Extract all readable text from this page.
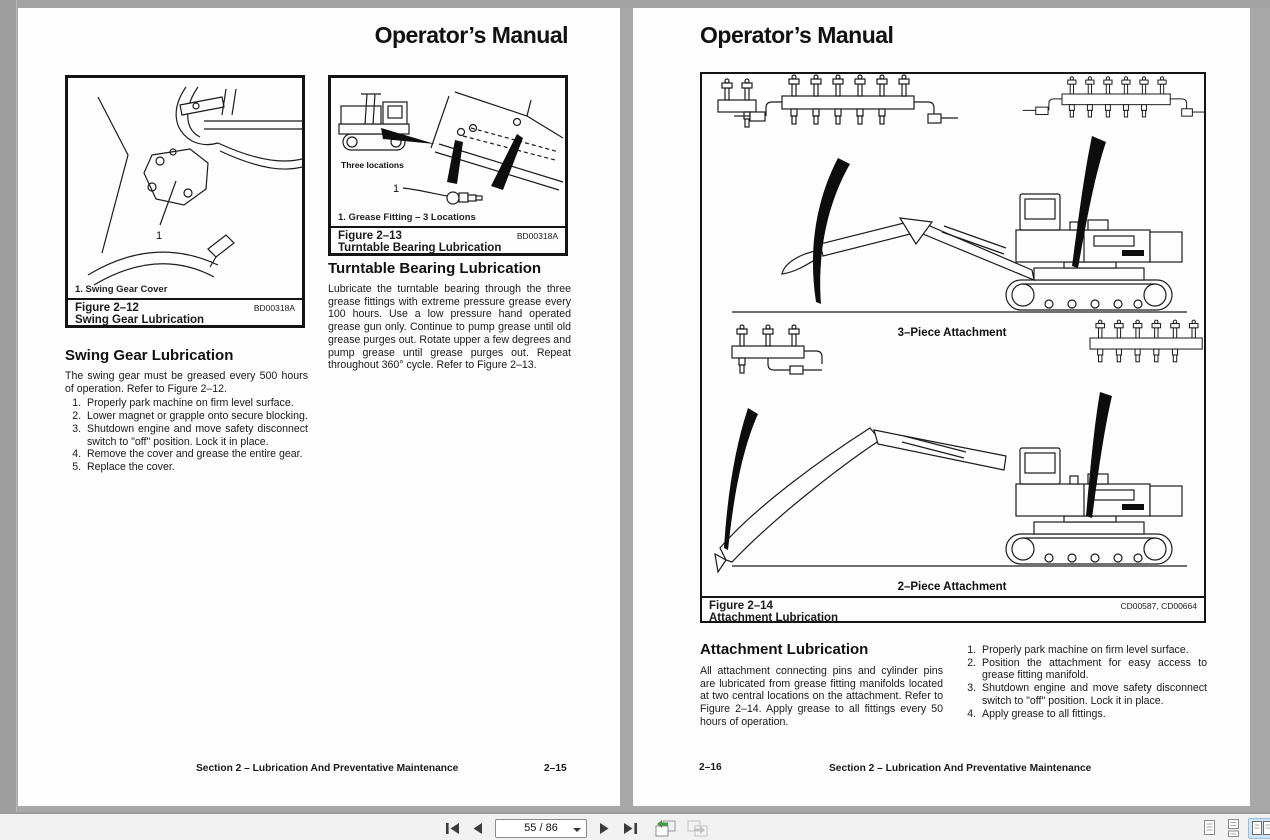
Operator’s Manual
1
1. Swing Gear Cover
Figure 2–12	BD00318A
Swing Gear Lubrication
Swing Gear Lubrication
The swing gear must be greased every 500 hours of operation. Refer to Figure 2–12.
1. Properly park machine on firm level surface.
2. Lower magnet or grapple onto secure blocking.
3. Shutdown engine and move safety disconnect switch to "off" position. Lock it in place.
4. Remove the cover and grease the entire gear.
5. Replace the cover.
Three locations
1
1. Grease Fitting – 3 Locations
Figure 2–13	BD00318A
Turntable Bearing Lubrication
Turntable Bearing Lubrication
Lubricate the turntable bearing through the three grease fittings with extreme pressure grease every 100 hours. Use a low pressure hand operated grease gun only. Continue to pump grease until old grease purges out. Rotate upper a few degrees and pump grease until grease purges out. Repeat throughout 360° cycle. Refer to Figure 2–13.
Section 2 – Lubrication And Preventative Maintenance	2–15
Operator’s Manual
3–Piece Attachment
2–Piece Attachment
Figure 2–14	CD00587, CD00664
Attachment Lubrication
Attachment Lubrication
All attachment connecting pins and cylinder pins are lubricated from grease fitting manifolds located at two central locations on the attachment. Refer to Figure 2–14. Apply grease to all fittings every 50 hours of operation.
1. Properly park machine on firm level surface.
2. Position the attachment for easy access to grease fitting manifold.
3. Shutdown engine and move safety disconnect switch to "off" position. Lock it in place.
4. Apply grease to all fittings.
2–16	Section 2 – Lubrication And Preventative Maintenance
55 / 86
